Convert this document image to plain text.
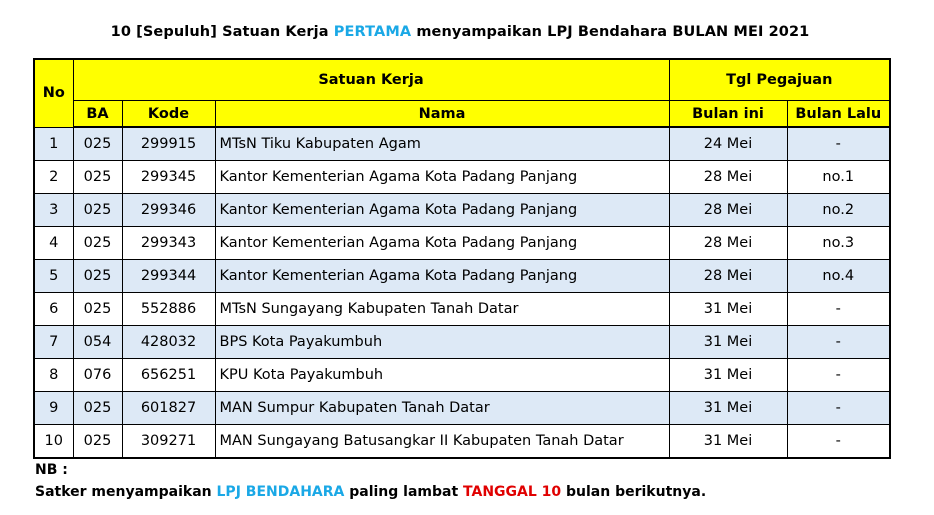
10 [Sepuluh] Satuan Kerja PERTAMA menyampaikan LPJ Bendahara BULAN MEI 2021
No	Satuan Kerja			Tgl Pegajuan	
	BA	Kode	Nama	Bulan ini	Bulan Lalu
1	025	299915	MTsN Tiku Kabupaten Agam	24 Mei	-
2	025	299345	Kantor Kementerian Agama Kota Padang Panjang	28 Mei	no.1
3	025	299346	Kantor Kementerian Agama Kota Padang Panjang	28 Mei	no.2
4	025	299343	Kantor Kementerian Agama Kota Padang Panjang	28 Mei	no.3
5	025	299344	Kantor Kementerian Agama Kota Padang Panjang	28 Mei	no.4
6	025	552886	MTsN Sungayang Kabupaten Tanah Datar	31 Mei	-
7	054	428032	BPS Kota Payakumbuh	31 Mei	-
8	076	656251	KPU Kota Payakumbuh	31 Mei	-
9	025	601827	MAN Sumpur Kabupaten Tanah Datar	31 Mei	-
10	025	309271	MAN Sungayang Batusangkar II Kabupaten Tanah Datar	31 Mei	-
NB :
Satker menyampaikan LPJ BENDAHARA paling lambat TANGGAL 10 bulan berikutnya.
